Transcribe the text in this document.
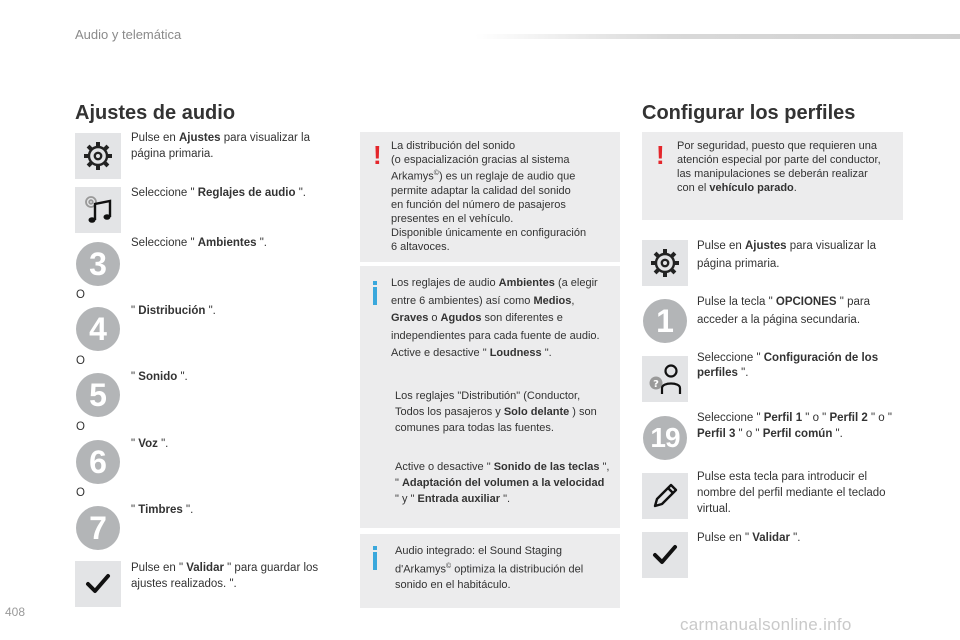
Audio y telemática
Ajustes de audio
Pulse en Ajustes para visualizar la página primaria.
Seleccione " Reglajes de audio ".
3
Seleccione " Ambientes ".
O
4	" Distribución ".
O
5	" Sonido ".
O
6	" Voz ".
O
7	" Timbres ".
Pulse en " Validar " para guardar los ajustes realizados. ".
! La distribución del sonido
(o espacialización gracias al sistema
Arkamys©) es un reglaje de audio que
permite adaptar la calidad del sonido
en función del número de pasajeros
presentes en el vehículo.
Disponible únicamente en configuración
6 altavoces.
Los reglajes de audio Ambientes (a elegir entre 6 ambientes) así como Medios, Graves o Agudos son diferentes e independientes para cada fuente de audio.
Active e desactive " Loudness ".
Los reglajes "Distributión" (Conductor, Todos los pasajeros y Solo delante ) son comunes para todas las fuentes.
Active o desactive " Sonido de las teclas ", " Adaptación del volumen a la velocidad " y " Entrada auxiliar ".
Audio integrado: el Sound Staging d'Arkamys© optimiza la distribución del sonido en el habitáculo.
Configurar los perfiles
! Por seguridad, puesto que requieren una atención especial por parte del conductor, las manipulaciones se deberán realizar con el vehículo parado.
Pulse en Ajustes para visualizar la página primaria.
1
Pulse la tecla " OPCIONES " para acceder a la página secundaria.
?
Seleccione " Configuración de los perfiles ".
19
Seleccione " Perfil 1 " o " Perfil 2 " o " Perfil 3 " o " Perfil común ".
Pulse esta tecla para introducir el nombre del perfil mediante el teclado virtual.
Pulse en " Validar ".
408
carmanualsonline.info
